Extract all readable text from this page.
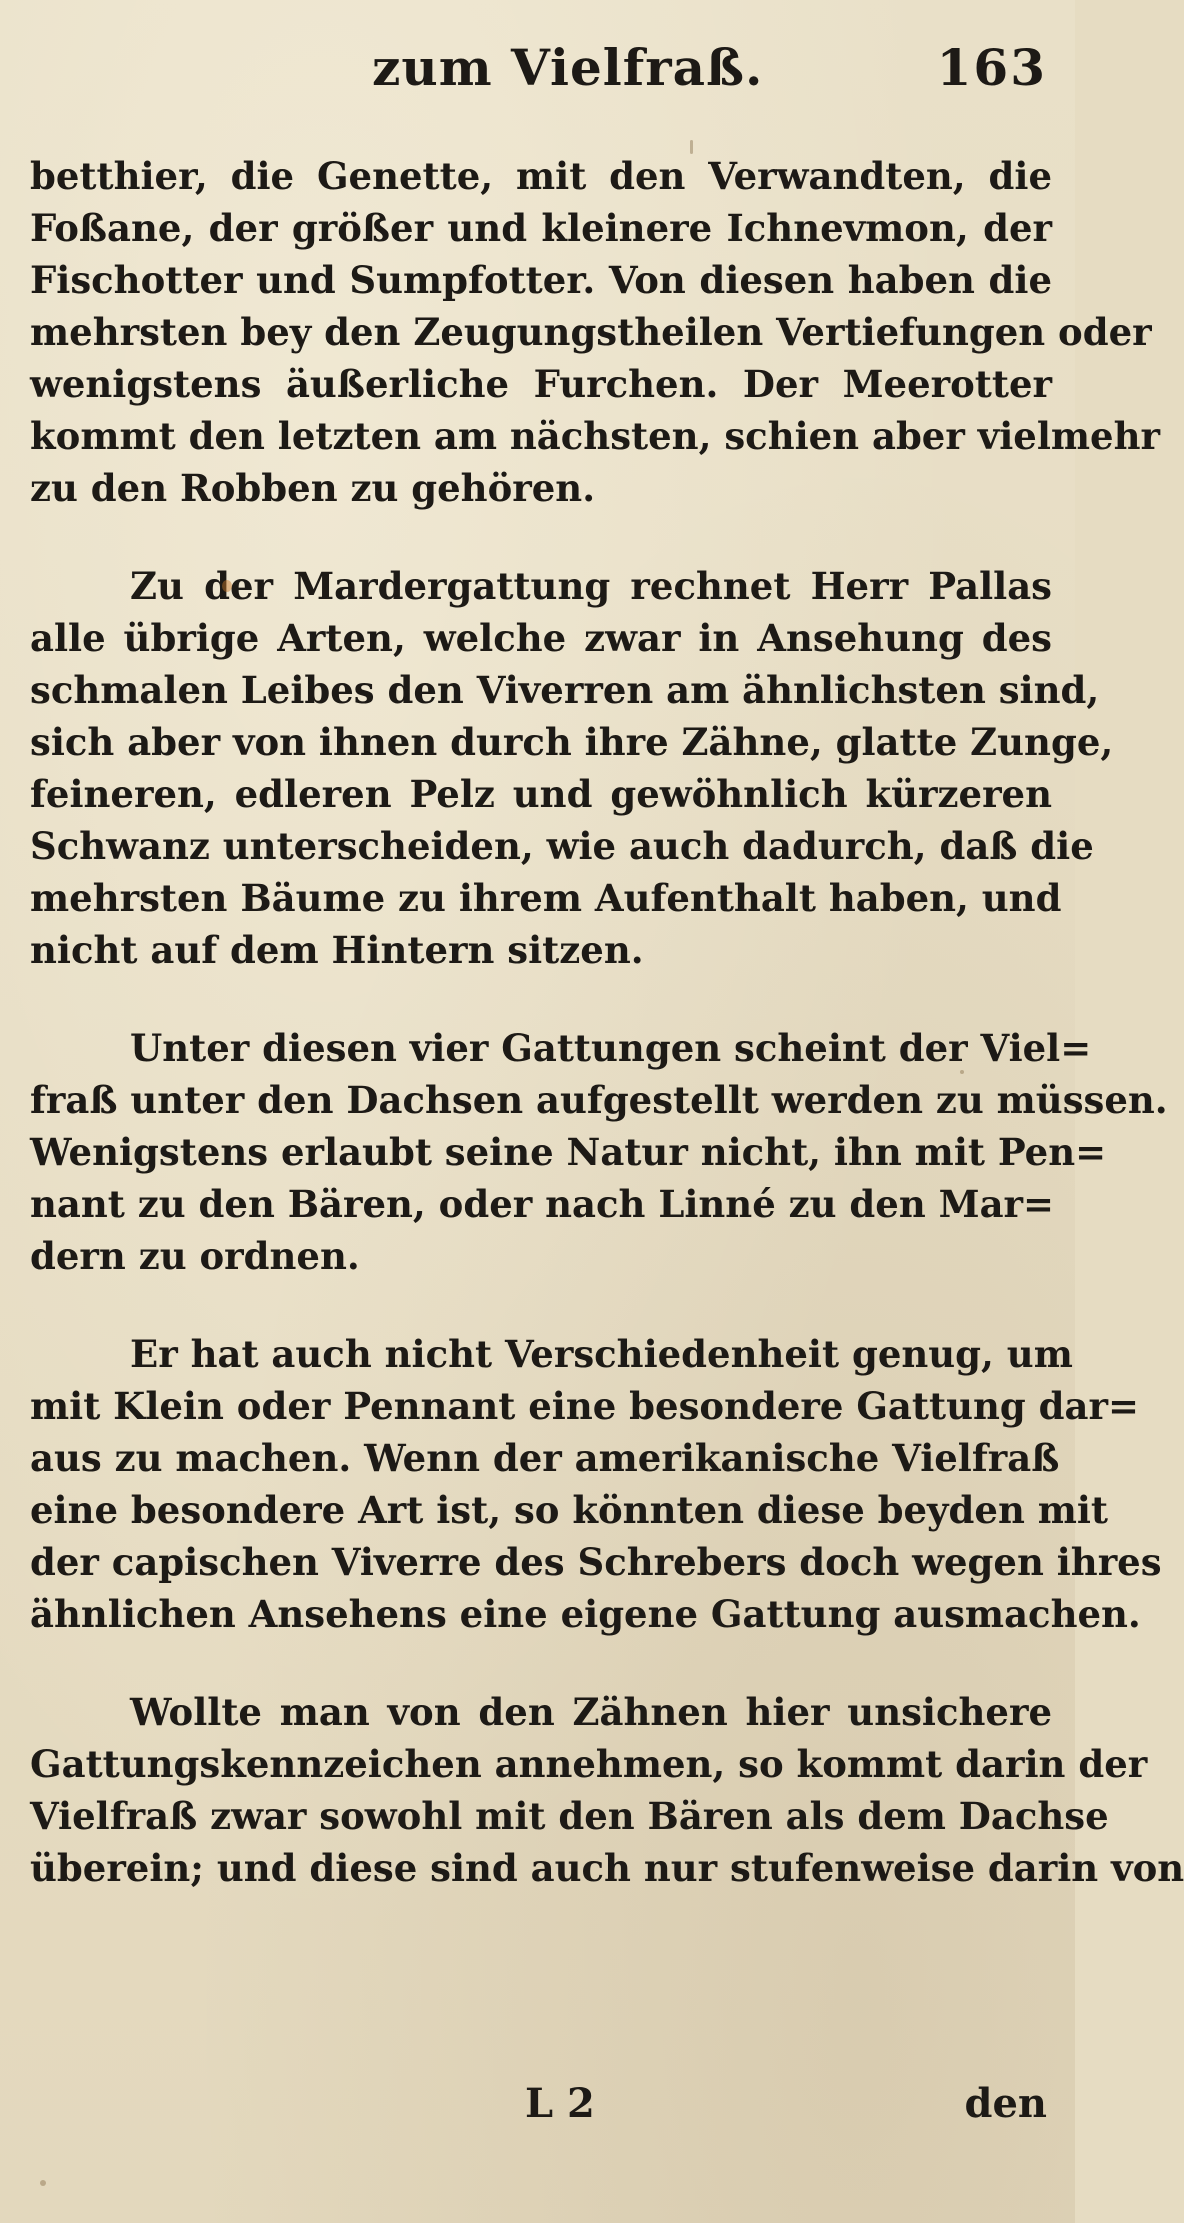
zum Vielfraß.	163
betthier, die Genette, mit den Verwandten, die
Foßane, der größer und kleinere Ichnevmon, der
Fischotter und Sumpfotter. Von diesen haben die
mehrsten bey den Zeugungstheilen Vertiefungen oder
wenigstens äußerliche Furchen. Der Meerotter
kommt den letzten am nächsten, schien aber vielmehr
zu den Robben zu gehören.
Zu der Mardergattung rechnet Herr Pallas
alle übrige Arten, welche zwar in Ansehung des
schmalen Leibes den Viverren am ähnlichsten sind,
sich aber von ihnen durch ihre Zähne, glatte Zunge,
feineren, edleren Pelz und gewöhnlich kürzeren
Schwanz unterscheiden, wie auch dadurch, daß die
mehrsten Bäume zu ihrem Aufenthalt haben, und
nicht auf dem Hintern sitzen.
Unter diesen vier Gattungen scheint der Viel=
fraß unter den Dachsen aufgestellt werden zu müssen.
Wenigstens erlaubt seine Natur nicht, ihn mit Pen=
nant zu den Bären, oder nach Linné zu den Mar=
dern zu ordnen.
Er hat auch nicht Verschiedenheit genug, um
mit Klein oder Pennant eine besondere Gattung dar=
aus zu machen. Wenn der amerikanische Vielfraß
eine besondere Art ist, so könnten diese beyden mit
der capischen Viverre des Schrebers doch wegen ihres
ähnlichen Ansehens eine eigene Gattung ausmachen.
Wollte man von den Zähnen hier unsichere
Gattungskennzeichen annehmen, so kommt darin der
Vielfraß zwar sowohl mit den Bären als dem Dachse
überein; und diese sind auch nur stufenweise darin von
L 2	den
